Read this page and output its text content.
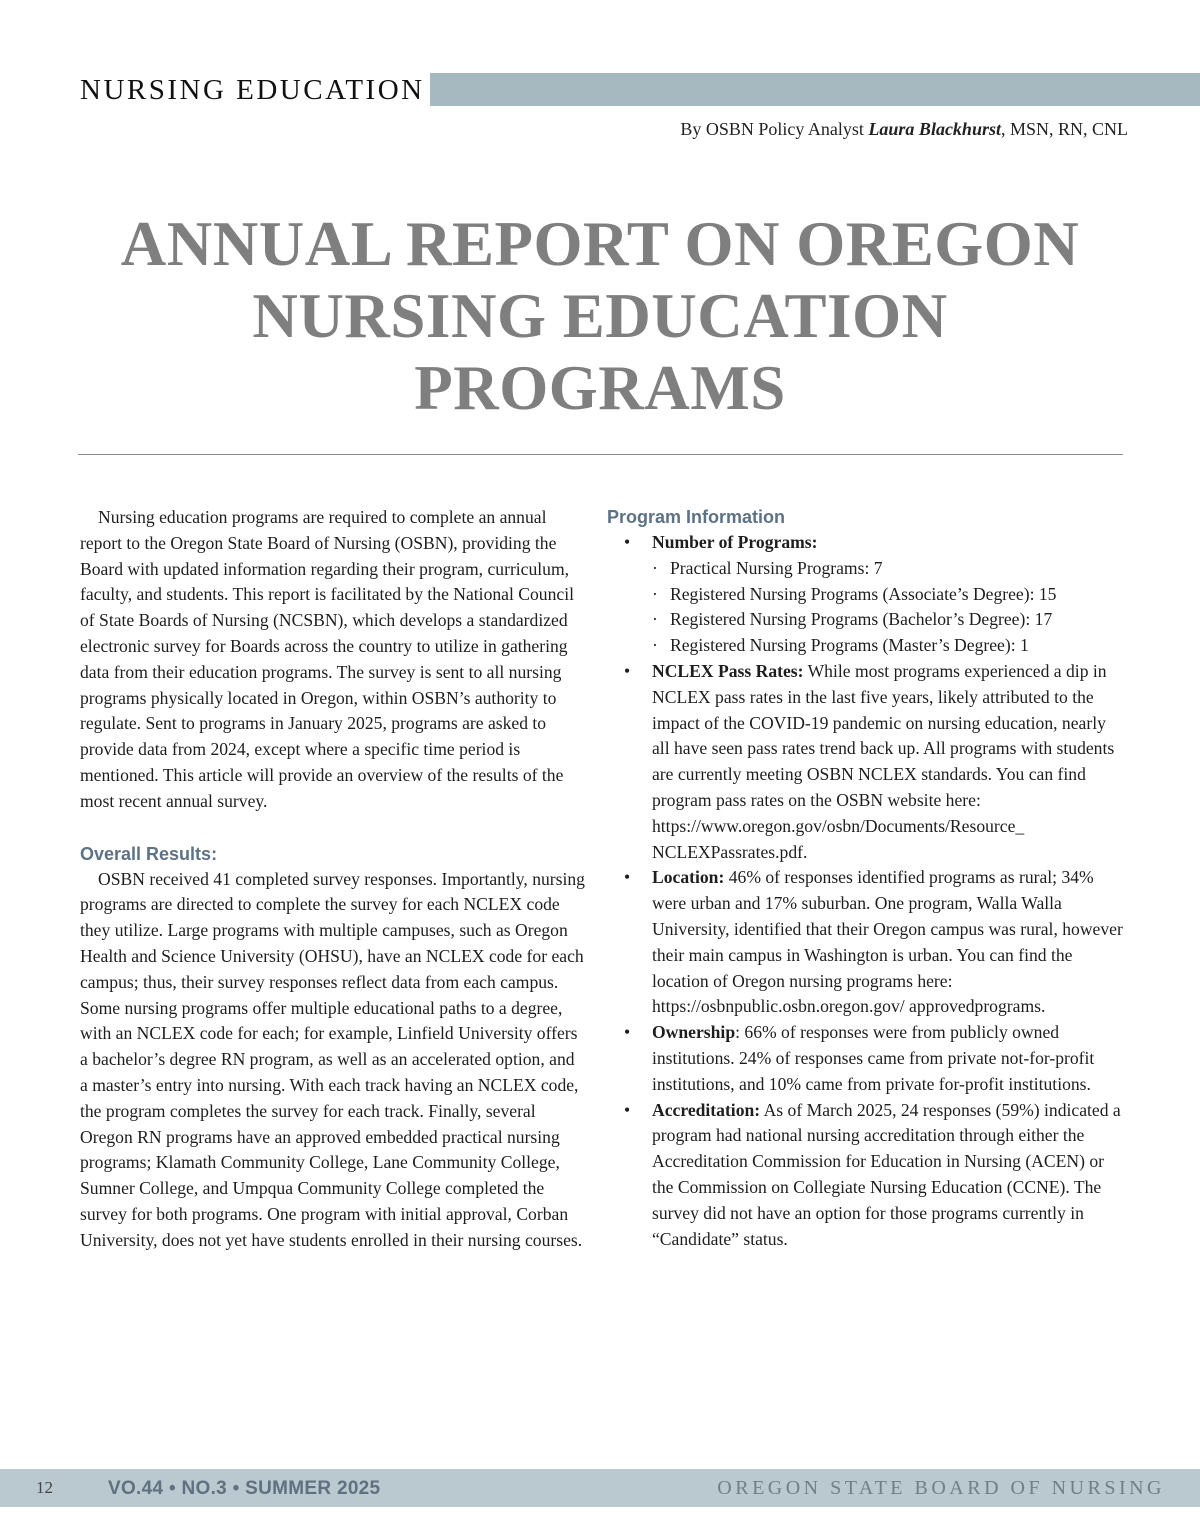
NURSING EDUCATION
By OSBN Policy Analyst Laura Blackhurst, MSN, RN, CNL
ANNUAL REPORT ON OREGON NURSING EDUCATION PROGRAMS

Nursing education programs are required to complete an annual report to the Oregon State Board of Nursing (OSBN), providing the Board with updated information regarding their program, curriculum, faculty, and students. This report is facilitated by the National Council of State Boards of Nursing (NCSBN), which develops a standardized electronic survey for Boards across the country to utilize in gathering data from their education programs. The survey is sent to all nursing programs physically located in Oregon, within OSBN’s authority to regulate. Sent to programs in January 2025, programs are asked to provide data from 2024, except where a specific time period is mentioned. This article will provide an overview of the results of the most recent annual survey.

Overall Results:

OSBN received 41 completed survey responses. Importantly, nursing programs are directed to complete the survey for each NCLEX code they utilize. Large programs with multiple campuses, such as Oregon Health and Science University (OHSU), have an NCLEX code for each campus; thus, their survey responses reflect data from each campus. Some nursing programs offer multiple educational paths to a degree, with an NCLEX code for each; for example, Linfield University offers a bachelor’s degree RN program, as well as an accelerated option, and a master’s entry into nursing. With each track having an NCLEX code, the program completes the survey for each track. Finally, several Oregon RN programs have an approved embedded practical nursing programs; Klamath Community College, Lane Community College, Sumner College, and Umpqua Community College completed the survey for both programs. One program with initial approval, Corban University, does not yet have students enrolled in their nursing courses.

Program Information

• Number of Programs:
· Practical Nursing Programs: 7
· Registered Nursing Programs (Associate’s Degree): 15
· Registered Nursing Programs (Bachelor’s Degree): 17
· Registered Nursing Programs (Master’s Degree): 1
• NCLEX Pass Rates: While most programs experienced a dip in NCLEX pass rates in the last five years, likely attributed to the impact of the COVID-19 pandemic on nursing education, nearly all have seen pass rates trend back up. All programs with students are currently meeting OSBN NCLEX standards. You can find program pass rates on the OSBN website here: https://www.oregon.gov/osbn/Documents/Resource_ NCLEXPassrates.pdf.
• Location: 46% of responses identified programs as rural; 34% were urban and 17% suburban. One program, Walla Walla University, identified that their Oregon campus was rural, however their main campus in Washington is urban. You can find the location of Oregon nursing programs here: https://osbnpublic.osbn.oregon.gov/ approvedprograms.
• Ownership: 66% of responses were from publicly owned institutions. 24% of responses came from private not-for-profit institutions, and 10% came from private for-profit institutions.
• Accreditation: As of March 2025, 24 responses (59%) indicated a program had national nursing accreditation through either the Accreditation Commission for Education in Nursing (ACEN) or the Commission on Collegiate Nursing Education (CCNE). The survey did not have an option for those programs currently in “Candidate” status.
12	VO.44 • NO.3 • SUMMER 2025	OREGON STATE BOARD OF NURSING
